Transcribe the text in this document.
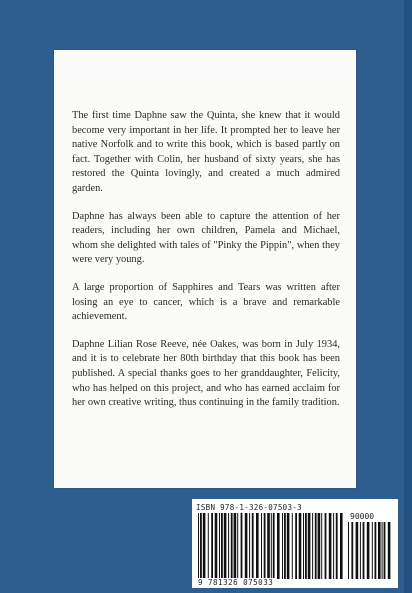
The first time Daphne saw the Quinta, she knew that it would become very important in her life. It prompted her to leave her native Norfolk and to write this book, which is based partly on fact. Together with Colin, her husband of sixty years, she has restored the Quinta lovingly, and created a much admired garden.

Daphne has always been able to capture the attention of her readers, including her own children, Pamela and Michael, whom she delighted with tales of "Pinky the Pippin", when they were very young.

A large proportion of Sapphires and Tears was written after losing an eye to cancer, which is a brave and remarkable achievement.

Daphne Lilian Rose Reeve, née Oakes, was born in July 1934, and it is to celebrate her 80th birthday that this book has been published. A special thanks goes to her granddaughter, Felicity, who has helped on this project, and who has earned acclaim for her own creative writing, thus continuing in the family tradition.

ISBN 978-1-326-07503-3
90000
9 781326 075033
